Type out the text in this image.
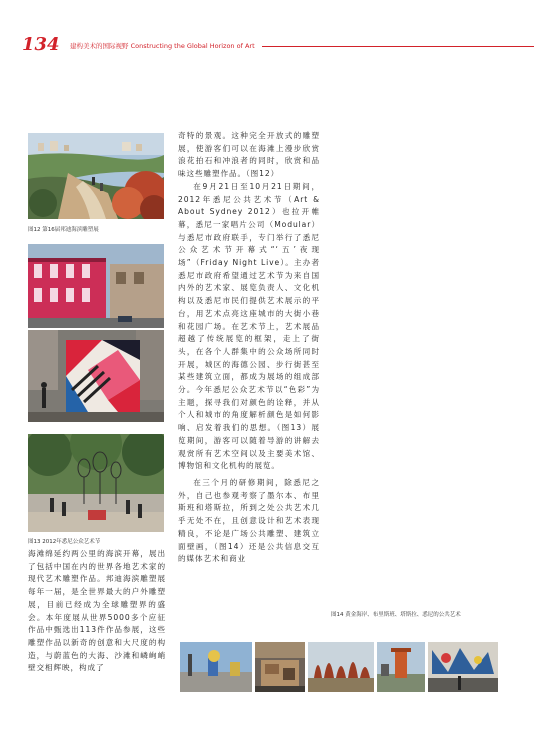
134 建构美术的国际视野 Constructing the Global Horizon of Art
图12 第16届邦迪海滨雕塑展
图13 2012年悉尼公众艺术节

海滩绵延约两公里的海滨开幕，展出了包括中国在内的世界各地艺术家的现代艺术雕塑作品。邦迪海滨雕塑展每年一届，是全世界最大的户外雕塑展，目前已经成为全球雕塑界的盛会。本年度展从世界5000多个应征作品中甄选出113件作品参展，这些雕塑作品以新奇的创意和大尺度的构造，与蔚蓝色的大海、沙滩和嶙峋峭壁交相辉映，构成了

奇特的景观。这种完全开放式的雕塑展，使游客们可以在海滩上漫步欣赏浪花拍石和冲浪者的同时，欣赏和品味这些雕塑作品。（图12）

在9月21日至10月21日期间，2012年悉尼公共艺术节（Art & About Sydney 2012）也拉开帷幕，悉尼一家唱片公司（Modular）与悉尼市政府联手，专门举行了悉尼公众艺术节开幕式“‘五’夜现场”（Friday Night Live）。主办者悉尼市政府希望通过艺术节为来自国内外的艺术家、展览负责人、文化机构以及悉尼市民们提供艺术展示的平台，用艺术点亮这座城市的大街小巷和花园广场。在艺术节上，艺术展品超越了传统展览的框架，走上了街头，在各个人群集中的公众场所同时开展，城区的海德公园、步行街甚至某些建筑立面，都成为展场的组成部分。今年悉尼公众艺术节以“色彩”为主题，探寻我们对颜色的诠释，并从个人和城市的角度解析颜色是如何影响、启发着我们的思想。（图13）展览期间，游客可以随着导游的讲解去观赏所有艺术空间以及主要美术馆、博物馆和文化机构的展览。

在三个月的研修期间，除悉尼之外，自己也参观考察了墨尔本、布里斯班和塔斯拉，所到之处公共艺术几乎无处不在，且创意设计和艺术表现精良，不论是广场公共雕塑、建筑立面壁画，（图14）还是公共信息交互的媒体艺术和商业

图14 黄金海岸、布里斯班、塔斯拉、悉尼的公共艺术
